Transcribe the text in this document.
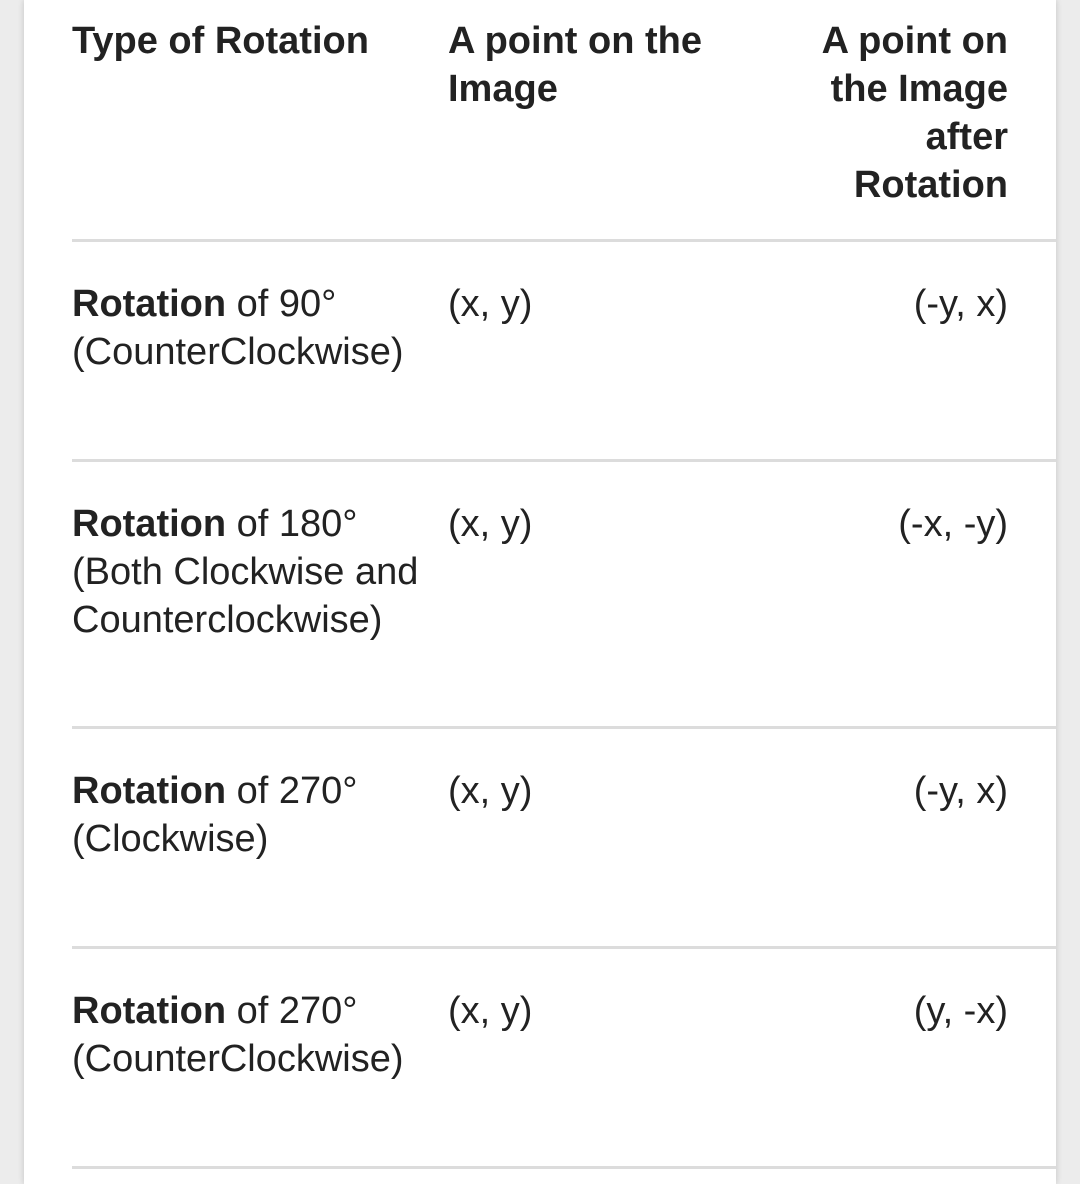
Type of Rotation	A point on the Image	A point on the Image after Rotation
Rotation of 90° (CounterClockwise)	(x, y)	(-y, x)
Rotation of 180° (Both Clockwise and Counterclockwise)	(x, y)	(-x, -y)
Rotation of 270° (Clockwise)	(x, y)	(-y, x)
Rotation of 270° (CounterClockwise)	(x, y)	(y, -x)
